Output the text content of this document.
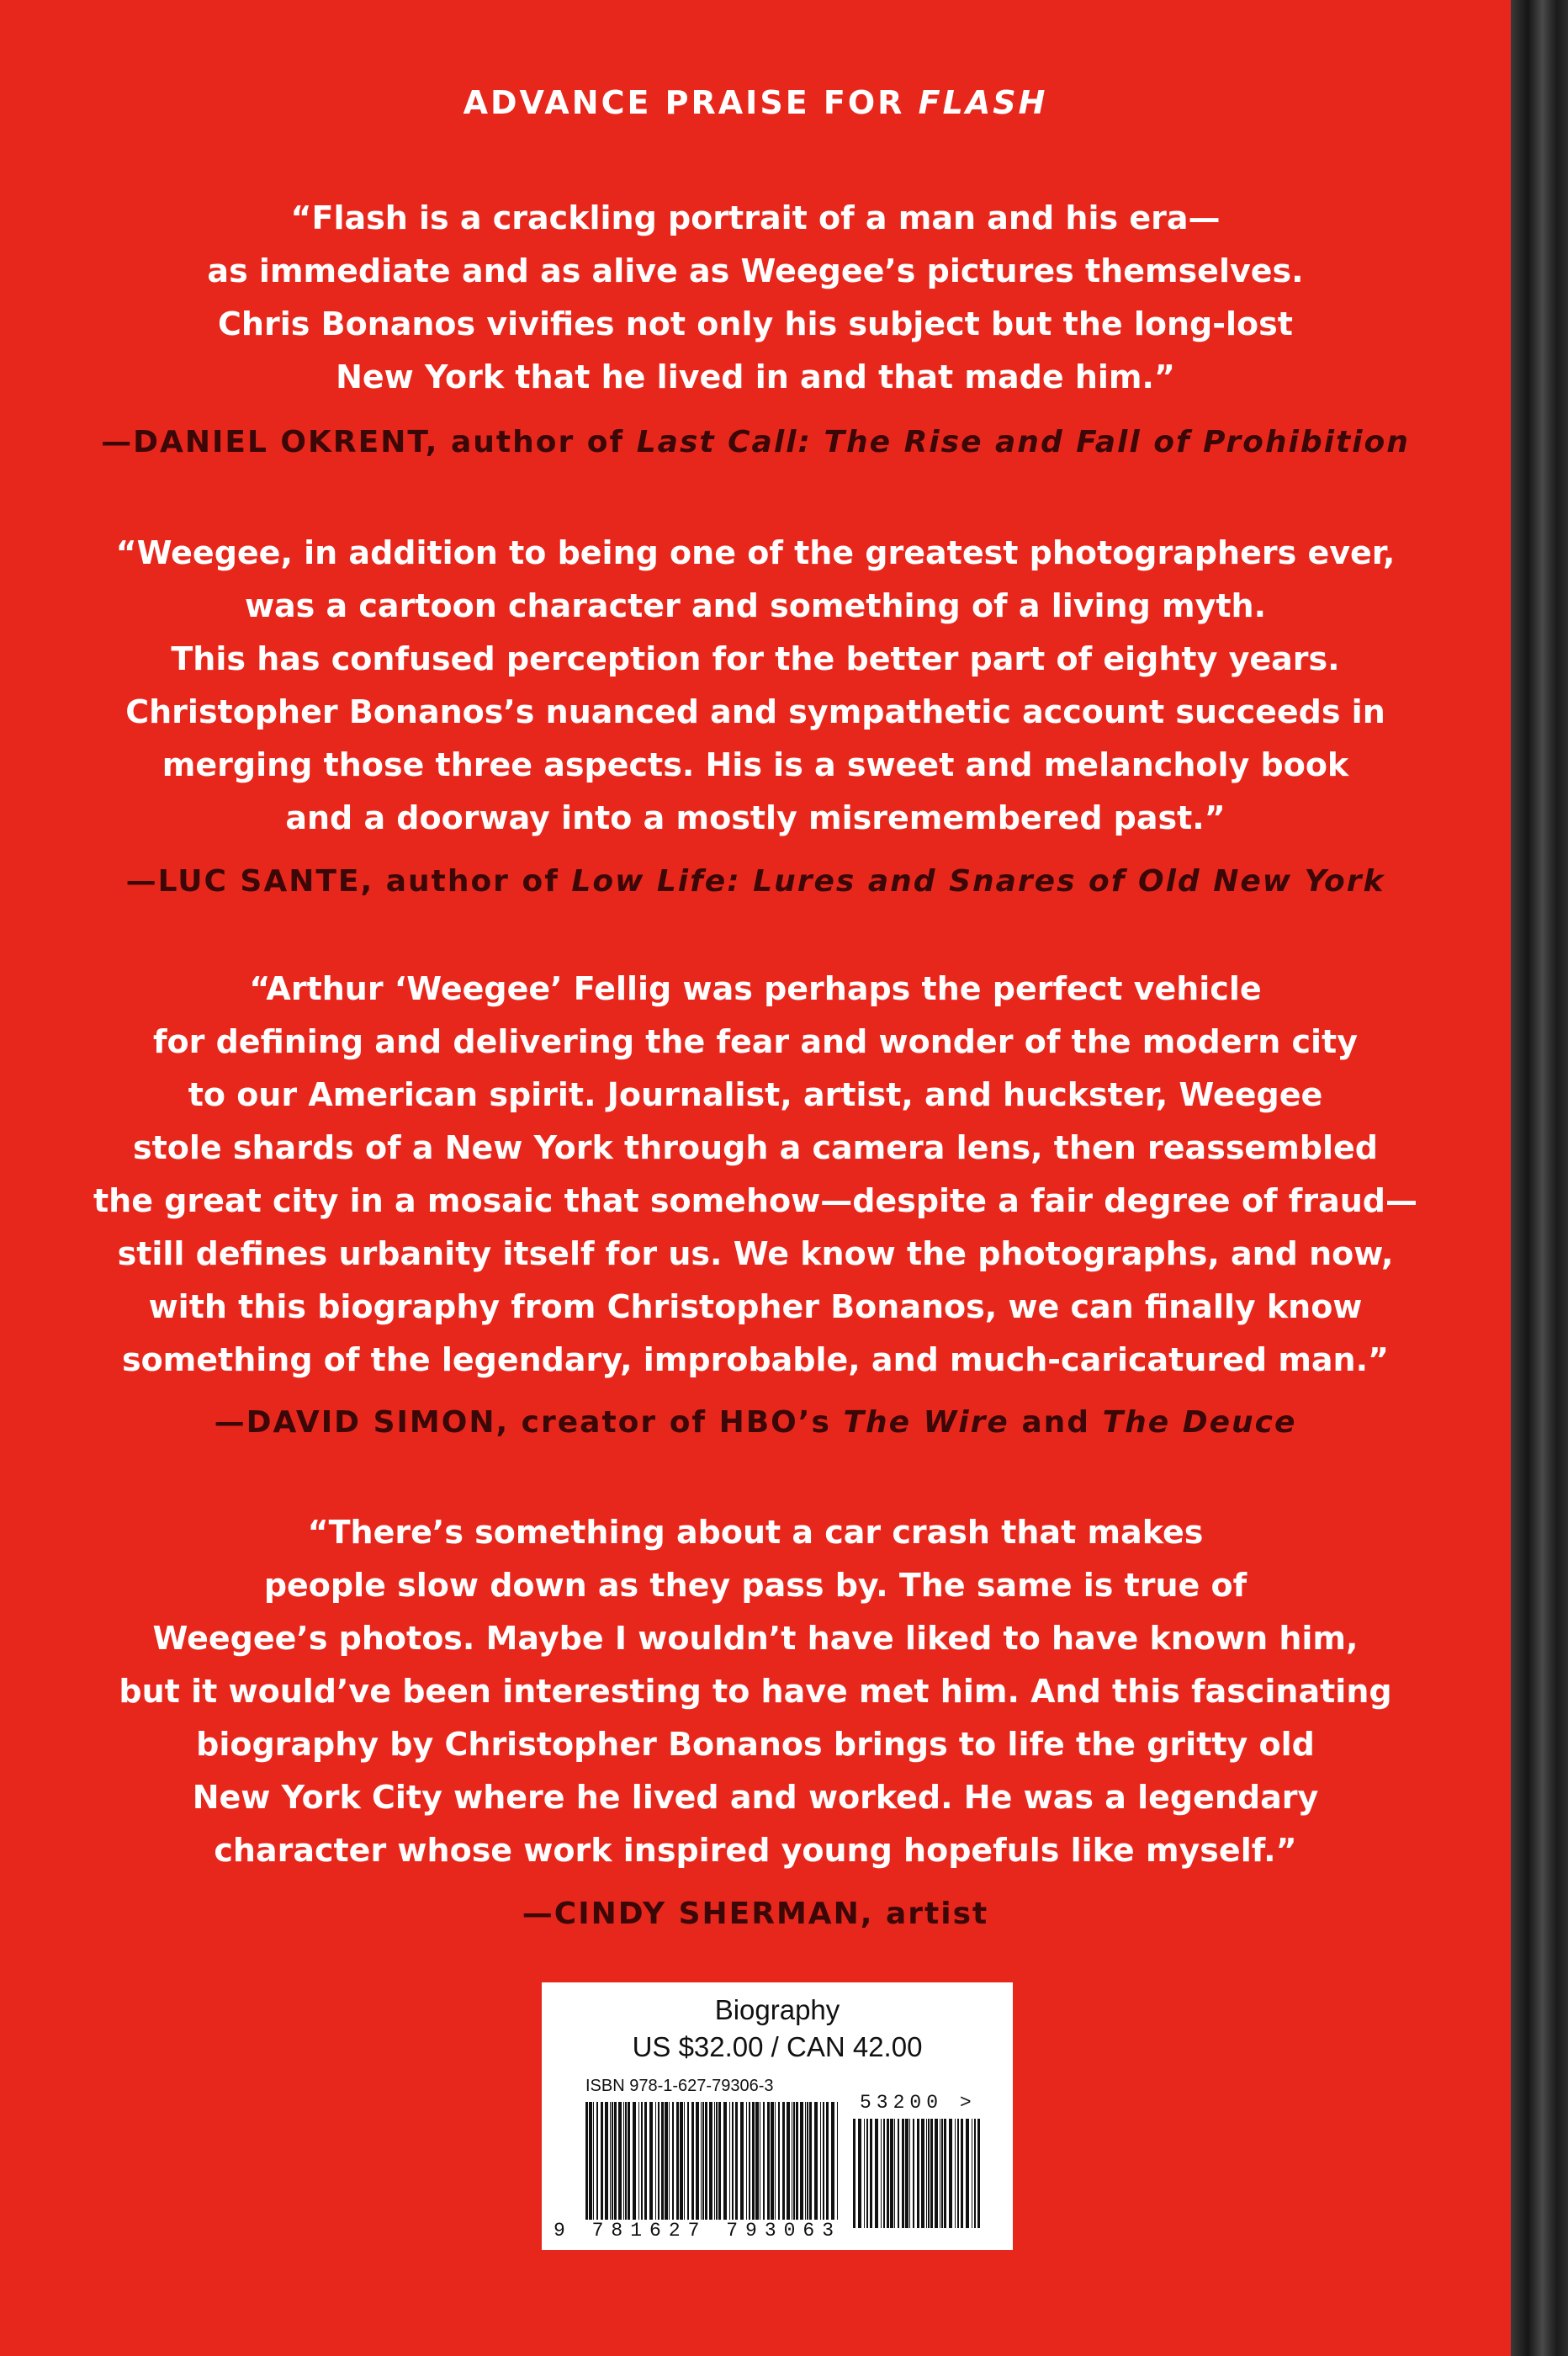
ADVANCE PRAISE FOR FLASH
“Flash is a crackling portrait of a man and his era—
as immediate and as alive as Weegee’s pictures themselves.
Chris Bonanos vivifies not only his subject but the long-lost
New York that he lived in and that made him.”
—DANIEL OKRENT, author of Last Call: The Rise and Fall of Prohibition
“Weegee, in addition to being one of the greatest photographers ever,
was a cartoon character and something of a living myth.
This has confused perception for the better part of eighty years.
Christopher Bonanos’s nuanced and sympathetic account succeeds in
merging those three aspects. His is a sweet and melancholy book
and a doorway into a mostly misremembered past.”
—LUC SANTE, author of Low Life: Lures and Snares of Old New York
“Arthur ‘Weegee’ Fellig was perhaps the perfect vehicle
for defining and delivering the fear and wonder of the modern city
to our American spirit. Journalist, artist, and huckster, Weegee
stole shards of a New York through a camera lens, then reassembled
the great city in a mosaic that somehow—despite a fair degree of fraud—
still defines urbanity itself for us. We know the photographs, and now,
with this biography from Christopher Bonanos, we can finally know
something of the legendary, improbable, and much-caricatured man.”
—DAVID SIMON, creator of HBO’s The Wire and The Deuce
“There’s something about a car crash that makes
people slow down as they pass by. The same is true of
Weegee’s photos. Maybe I wouldn’t have liked to have known him,
but it would’ve been interesting to have met him. And this fascinating
biography by Christopher Bonanos brings to life the gritty old
New York City where he lived and worked. He was a legendary
character whose work inspired young hopefuls like myself.”
—CINDY SHERMAN, artist
Biography
US $32.00 / CAN 42.00
ISBN 978-1-627-79306-3
53200 >
9 781627 793063
